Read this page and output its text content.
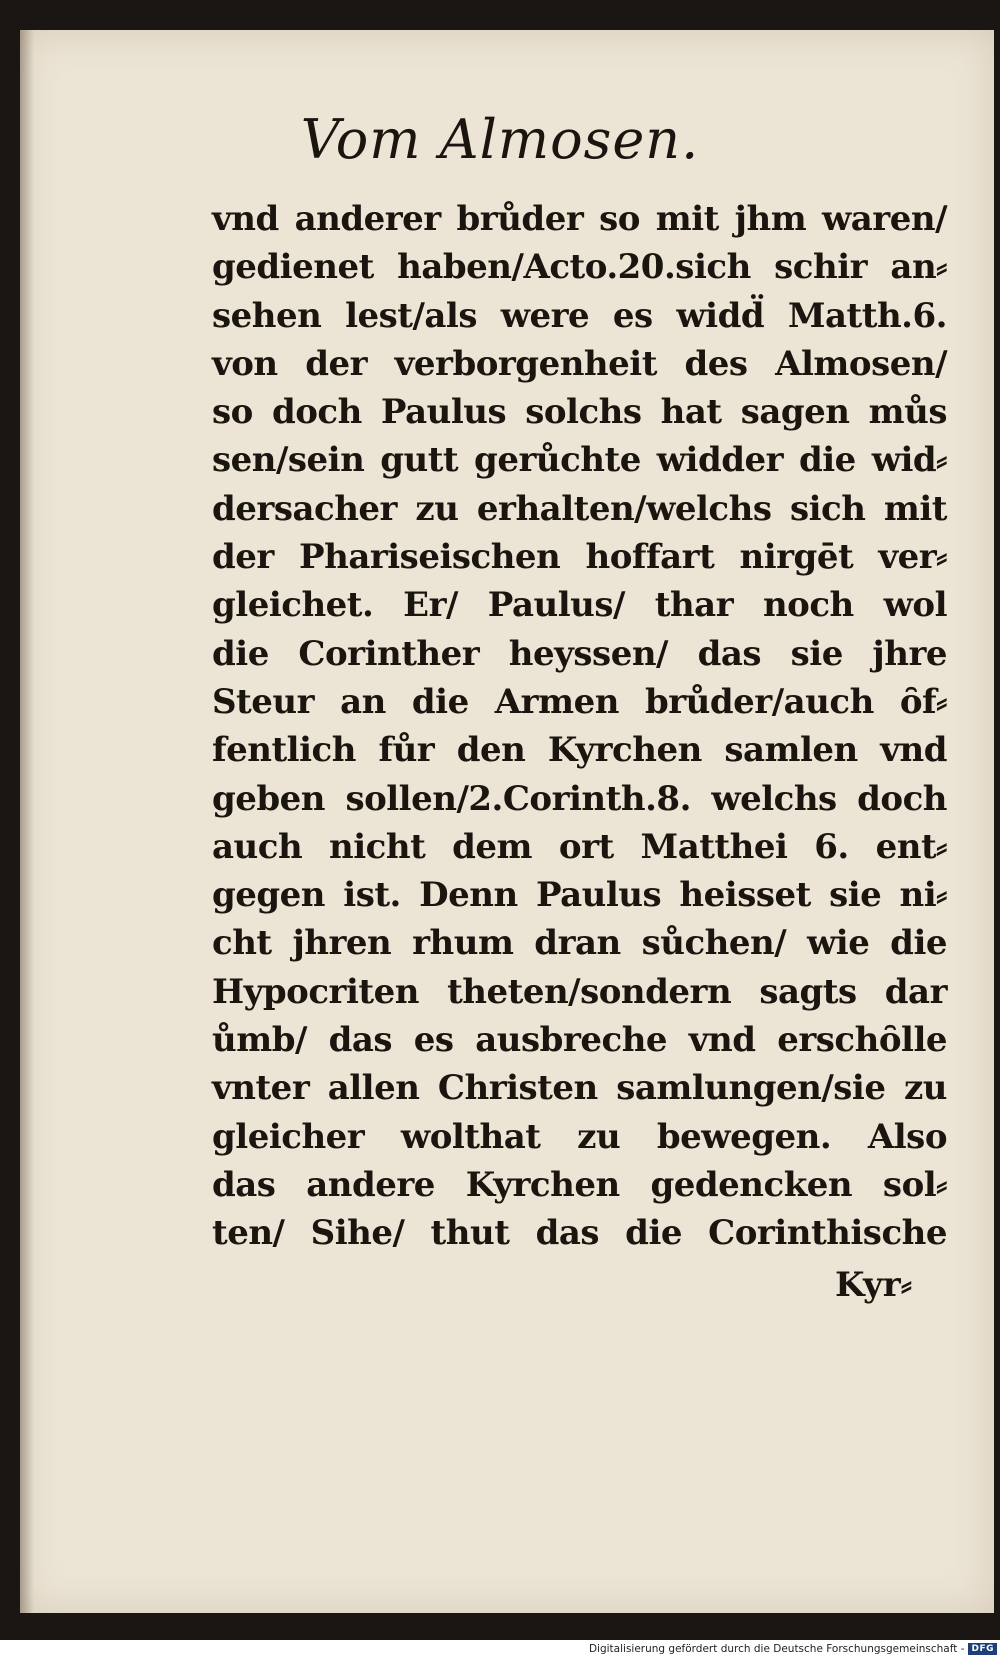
Vom Almosen.
vnd anderer brůder so mit jhm waren/
gedienet haben/Acto.20.sich schir an⸗
sehen lest/als were es widd̈ Matth.6.
von der verborgenheit des Almosen/
so doch Paulus solchs hat sagen můs
sen/sein gutt gerůchte widder die wid⸗
dersacher zu erhalten/welchs sich mit
der Phariseischen hoffart nirgēt ver⸗
gleichet. Er/ Paulus/ thar noch wol
die Corinther heyssen/ das sie jhre
Steur an die Armen brůder/auch ȏf⸗
fentlich fůr den Kyrchen samlen vnd
geben sollen/2.Corinth.8. welchs doch
auch nicht dem ort Matthei 6. ent⸗
gegen ist. Denn Paulus heisset sie ni⸗
cht jhren rhum dran sůchen/ wie die
Hypocriten theten/sondern sagts dar
ůmb/ das es ausbreche vnd erschȏlle
vnter allen Christen samlungen/sie zu
gleicher wolthat zu bewegen. Also
das andere Kyrchen gedencken sol⸗
ten/ Sihe/ thut das die Corinthische
Kyr⸗
Digitalisierung gefördert durch die Deutsche Forschungsgemeinschaft - DFG
